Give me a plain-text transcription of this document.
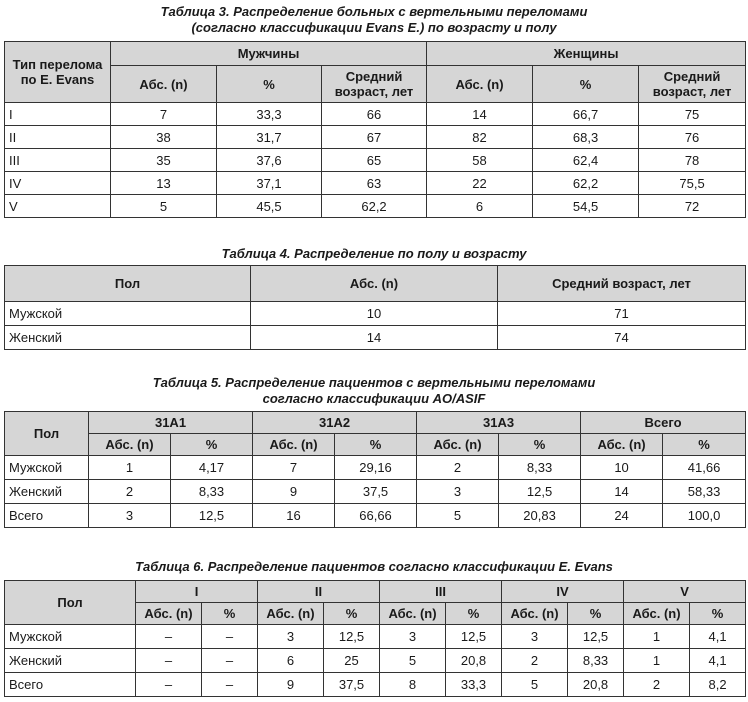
Таблица 3. Распределение больных с вертельными переломами
(согласно классификации Evans E.) по возрасту и полу
Тип перелома по E. Evans	Мужчины			Женщины		
	Абс. (n)	%	Средний возраст, лет	Абс. (n)	%	Средний возраст, лет
I	7	33,3	66	14	66,7	75
II	38	31,7	67	82	68,3	76
III	35	37,6	65	58	62,4	78
IV	13	37,1	63	22	62,2	75,5
V	5	45,5	62,2	6	54,5	72
Таблица 4. Распределение по полу и возрасту
Пол	Абс. (n)	Средний возраст, лет
Мужской	10	71
Женский	14	74
Таблица 5. Распределение пациентов с вертельными переломами
согласно классификации AO/ASIF
Пол	31A1		31A2		31A3		Всего	
	Абс. (n)	%	Абс. (n)	%	Абс. (n)	%	Абс. (n)	%
Мужской	1	4,17	7	29,16	2	8,33	10	41,66
Женский	2	8,33	9	37,5	3	12,5	14	58,33
Всего	3	12,5	16	66,66	5	20,83	24	100,0
Таблица 6. Распределение пациентов согласно классификации E. Evans
Пол	I		II		III		IV		V	
	Абс. (n)	%	Абс. (n)	%	Абс. (n)	%	Абс. (n)	%	Абс. (n)	%
Мужской	–	–	3	12,5	3	12,5	3	12,5	1	4,1
Женский	–	–	6	25	5	20,8	2	8,33	1	4,1
Всего	–	–	9	37,5	8	33,3	5	20,8	2	8,2
